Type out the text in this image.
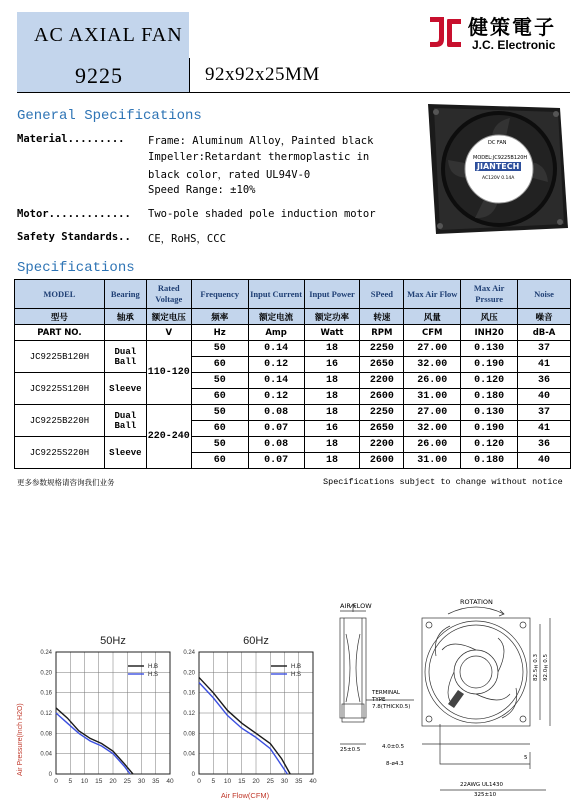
AC AXIAL FAN
9225	92x92x25MM
健策電子
J.C. Electronic
General Specifications
Material......... Frame: Aluminum Alloy，Painted black
Impeller:Retardant thermoplastic in
black color，rated UL94V-0
Speed Range: ±10%
Motor............. Two-pole shaded pole induction motor
Safety Standards.. CE，RoHS，CCC
DC FAN
MODEL:JC9225B120H
JIANTECH
AC120V 0.14A
Specifications
MODEL	Bearing	Rated Voltage	Frequency	Input Current	Input Power	SPeed	Max Air Flow	Max Air Prssure	Noise
型号	轴承	额定电压	频率	额定电流	额定功率	转速	风量	风压	噪音
PART NO.		V	Hz	Amp	Watt	RPM	CFM	INH20	dB-A
JC9225B120H	Dual Ball	110-120	50	0.14	18	2250	27.00	0.130	37
			60	0.12	16	2650	32.00	0.190	41
JC9225S120H	Sleeve		50	0.14	18	2200	26.00	0.120	36
			60	0.12	18	2600	31.00	0.180	40
JC9225B220H	Dual Ball	220-240	50	0.08	18	2250	27.00	0.130	37
			60	0.07	16	2650	32.00	0.190	41
JC9225S220H	Sleeve		50	0.08	18	2200	26.00	0.120	36
			60	0.07	18	2600	31.00	0.180	40
更多参数规格请咨询我们业务	Specifications subject to change without notice
0 5 10 15 20 25 30 35 40
0
0.04
0.08
0.12
0.16
0.20
0.24
50Hz
H.B
H.S
0 5 10 15 20 25 30 35 40
0
0.04
0.08
0.12
0.16
0.20
0.24
60Hz
H.B
H.S
Air Pressure(Inch H2O)
Air Flow(CFM)
AIR FLOW	ROTATION
TERMINAL
TYPE
7.8(THICK0.5)
25±0.5	4.0±0.5
8-ø4.3
82.5±0.3 92.0±0.5
5
22AWG UL1430
325±10
